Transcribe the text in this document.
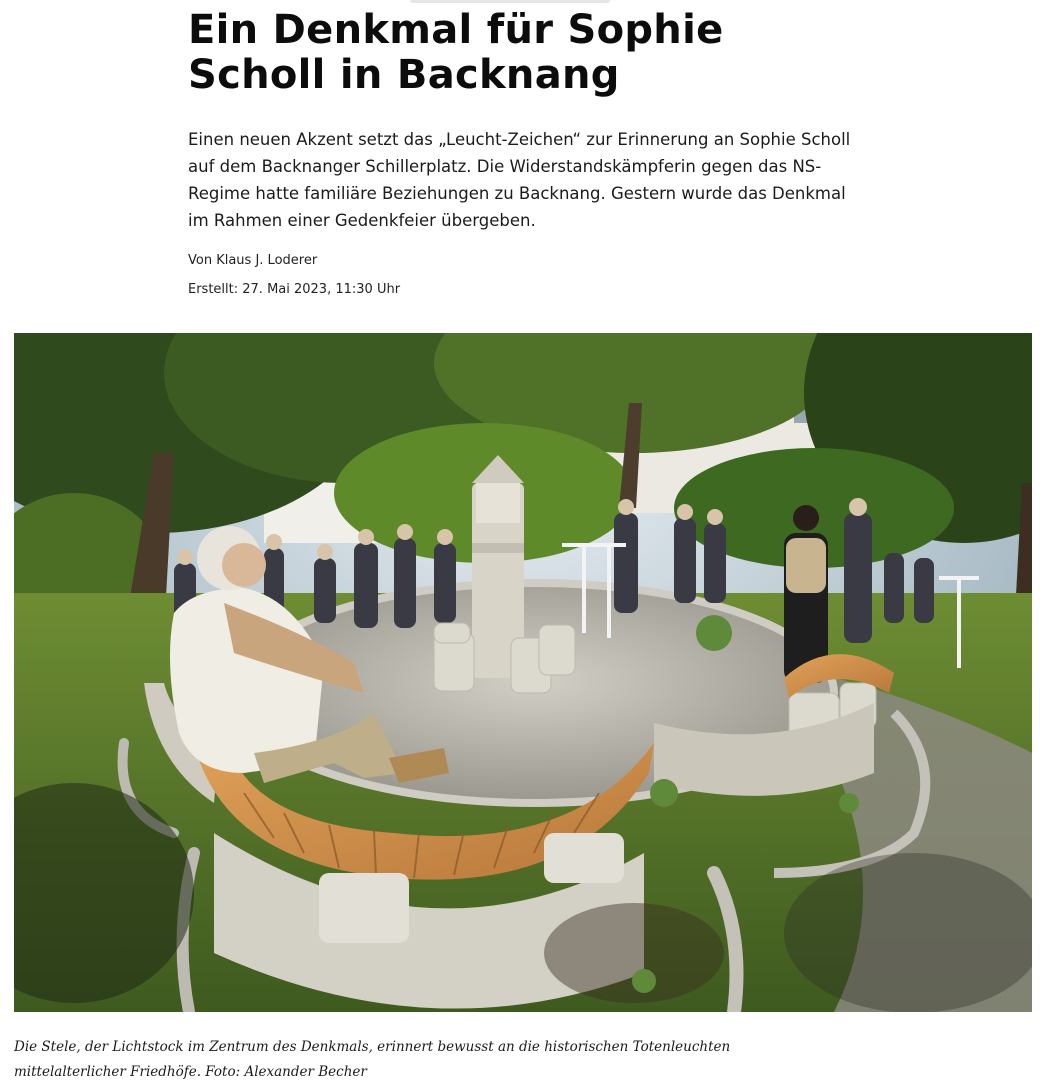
Ein Denkmal für Sophie Scholl in Backnang

Einen neuen Akzent setzt das „Leucht-Zeichen“ zur Erinnerung an Sophie Scholl auf dem Backnanger Schillerplatz. Die Widerstandskämpferin gegen das NS-Regime hatte familiäre Beziehungen zu Backnang. Gestern wurde das Denkmal im Rahmen einer Gedenkfeier übergeben.

Von Klaus J. Loderer
Erstellt: 27. Mai 2023, 11:30 Uhr

Die Stele, der Lichtstock im Zentrum des Denkmals, erinnert bewusst an die historischen Totenleuchten mittelalterlicher Friedhöfe. Foto: Alexander Becher
